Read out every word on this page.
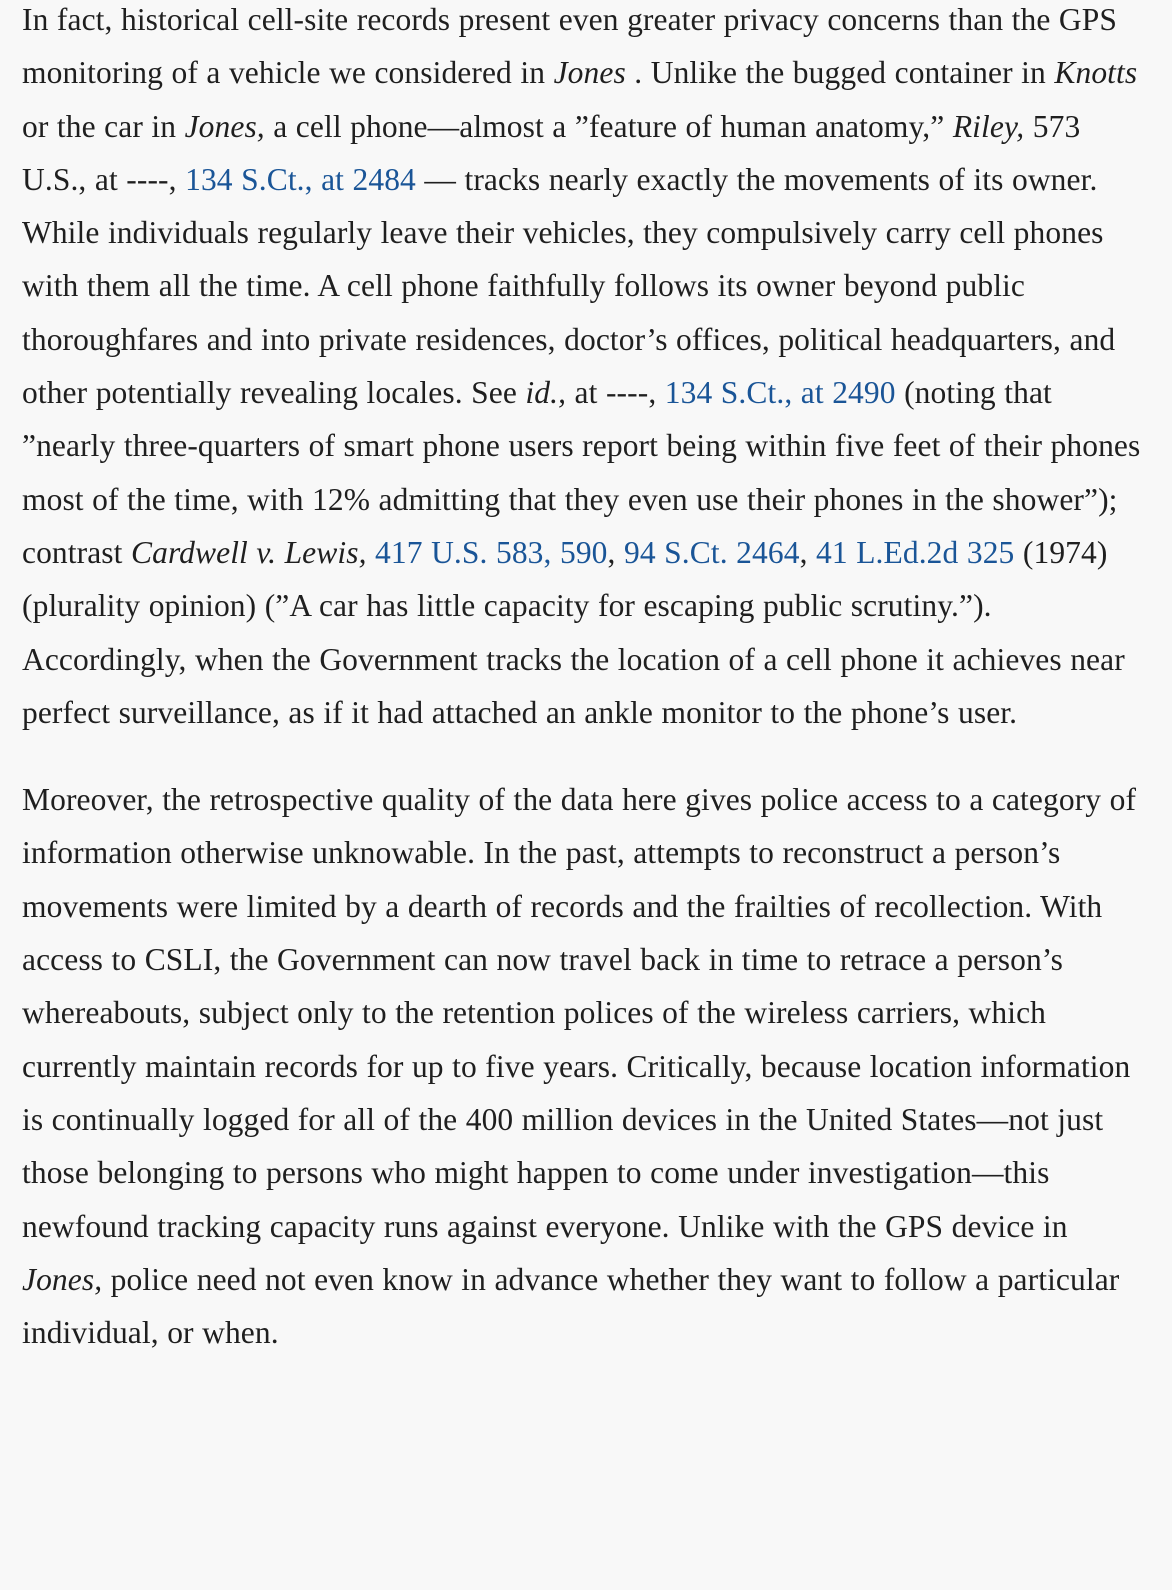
In fact, historical cell-site records present even greater privacy concerns than the GPS monitoring of a vehicle we considered in Jones . Unlike the bugged container in Knotts or the car in Jones, a cell phone—almost a ”feature of human anatomy,” Riley, 573 U.S., at ----, 134 S.Ct., at 2484 — tracks nearly exactly the movements of its owner. While individuals regularly leave their vehicles, they compulsively carry cell phones with them all the time. A cell phone faithfully follows its owner beyond public thoroughfares and into private residences, doctor’s offices, political headquarters, and other potentially revealing locales. See id., at ----, 134 S.Ct., at 2490 (noting that ”nearly three-quarters of smart phone users report being within five feet of their phones most of the time, with 12% admitting that they even use their phones in the shower”); contrast Cardwell v. Lewis, 417 U.S. 583, 590, 94 S.Ct. 2464, 41 L.Ed.2d 325 (1974) (plurality opinion) (”A car has little capacity for escaping public scrutiny.”). Accordingly, when the Government tracks the location of a cell phone it achieves near perfect surveillance, as if it had attached an ankle monitor to the phone’s user.

Moreover, the retrospective quality of the data here gives police access to a category of information otherwise unknowable. In the past, attempts to reconstruct a person’s movements were limited by a dearth of records and the frailties of recollection. With access to CSLI, the Government can now travel back in time to retrace a person’s whereabouts, subject only to the retention polices of the wireless carriers, which currently maintain records for up to five years. Critically, because location information is continually logged for all of the 400 million devices in the United States—not just those belonging to persons who might happen to come under investigation—this newfound tracking capacity runs against everyone. Unlike with the GPS device in Jones, police need not even know in advance whether they want to follow a particular individual, or when.
